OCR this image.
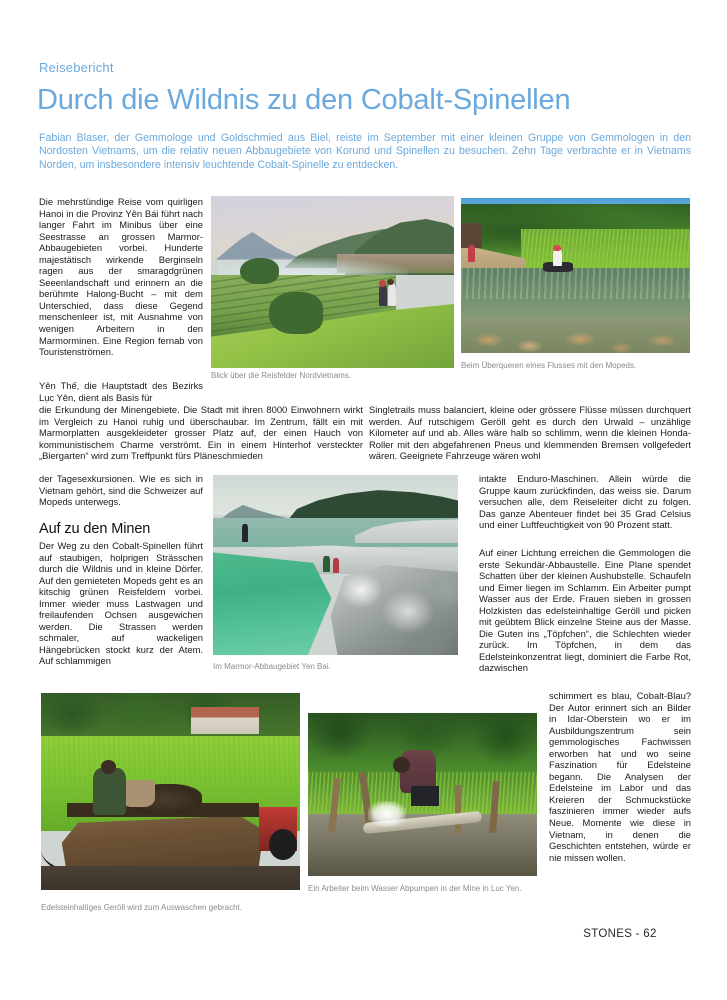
Reisebericht
Durch die Wildnis zu den Cobalt-Spinellen
Fabian Blaser, der Gemmologe und Goldschmied aus Biel, reiste im September mit einer kleinen Gruppe von Gemmologen in den Nordosten Vietnams, um die relativ neuen Abbaugebiete von Korund und Spinellen zu besuchen. Zehn Tage verbrachte er in Vietnams Norden, um insbesondere intensiv leuchtende Cobalt-Spinelle zu entdecken.
Blick über die Reisfelder Nordvietnams.
Beim Überqueren eines Flusses mit den Mopeds.
Die mehrstündige Reise vom quirligen Hanoi in die Provinz Yên Bái führt nach langer Fahrt im Minibus über eine Seestrasse an grossen Marmor-Abbaugebieten vorbei. Hunderte majestätisch wirkende Berginseln ragen aus der smaragdgrünen Seeenlandschaft und erinnern an die berühmte Halong-Bucht – mit dem Unterschied, dass diese Gegend menschenleer ist, mit Ausnahme von wenigen Arbeitern in den Marmorminen. Eine Region fernab von Touristenströmen.
Yên Thế, die Hauptstadt des Bezirks Lục Yên, dient als Basis für
die Erkundung der Minengebiete. Die Stadt mit ihren 8000 Einwohnern wirkt im Vergleich zu Hanoi ruhig und überschaubar. Im Zentrum, fällt ein mit Marmorplatten ausgekleideter grosser Platz auf, der einen Hauch von kommunistischem Charme verströmt. Ein in einem Hinterhof versteckter „Biergarten“ wird zum Treffpunkt fürs Pläneschmieden
der Tagesexkursionen. Wie es sich in Vietnam gehört, sind die Schweizer auf Mopeds unterwegs.
Auf zu den Minen
Der Weg zu den Cobalt-Spinellen führt auf staubigen, holprigen Strässchen durch die Wildnis und in kleine Dörfer. Auf den gemieteten Mopeds geht es an kitschig grünen Reisfeldern vorbei. Immer wieder muss Lastwagen und freilaufenden Ochsen ausgewichen werden. Die Strassen werden schmaler, auf wackeligen Hängebrücken stockt kurz der Atem. Auf schlammigen
Im Marmor-Abbaugebiet Yen Bai.
Singletrails muss balanciert, kleine oder grössere Flüsse müssen durchquert werden. Auf rutschigem Geröll geht es durch den Urwald – unzählige Kilometer auf und ab. Alles wäre halb so schlimm, wenn die kleinen Honda-Roller mit den abgefahrenen Pneus und klemmenden Bremsen vollgefedert wären. Geeignete Fahrzeuge wären wohl
intakte Enduro-Maschinen. Allein würde die Gruppe kaum zurückfinden, das weiss sie. Darum versuchen alle, dem Reiseleiter dicht zu folgen. Das ganze Abenteuer findet bei 35 Grad Celsius und einer Luftfeuchtigkeit von 90 Prozent statt.
Auf einer Lichtung erreichen die Gemmologen die erste Sekundär-Abbaustelle. Eine Plane spendet Schatten über der kleinen Aushubstelle. Schaufeln und Eimer liegen im Schlamm. Ein Arbeiter pumpt Wasser aus der Erde. Frauen sieben in grossen Holzkisten das edelsteinhaltige Geröll und picken mit geübtem Blick einzelne Steine aus der Masse. Die Guten ins „Töpfchen“, die Schlechten wieder zurück. Im Töpfchen, in dem das Edelsteinkonzentrat liegt, dominiert die Farbe Rot, dazwischen
schimmert es blau, Cobalt-Blau? Der Autor erinnert sich an Bilder in Idar-Oberstein wo er im Ausbildungszentrum sein gemmologisches Fachwissen erworben hat und wo seine Faszination für Edelsteine begann. Die Analysen der Edelsteine im Labor und das Kreieren der Schmuckstücke faszinieren immer wieder aufs Neue. Momente wie diese in Vietnam, in denen die Geschichten entstehen, würde er nie missen wollen.
Edelsteinhaltiges Geröll wird zum Auswaschen gebracht.
Ein Arbeiter beim Wasser Abpumpen in der Mine in Luc Yen.
STONES - 62
